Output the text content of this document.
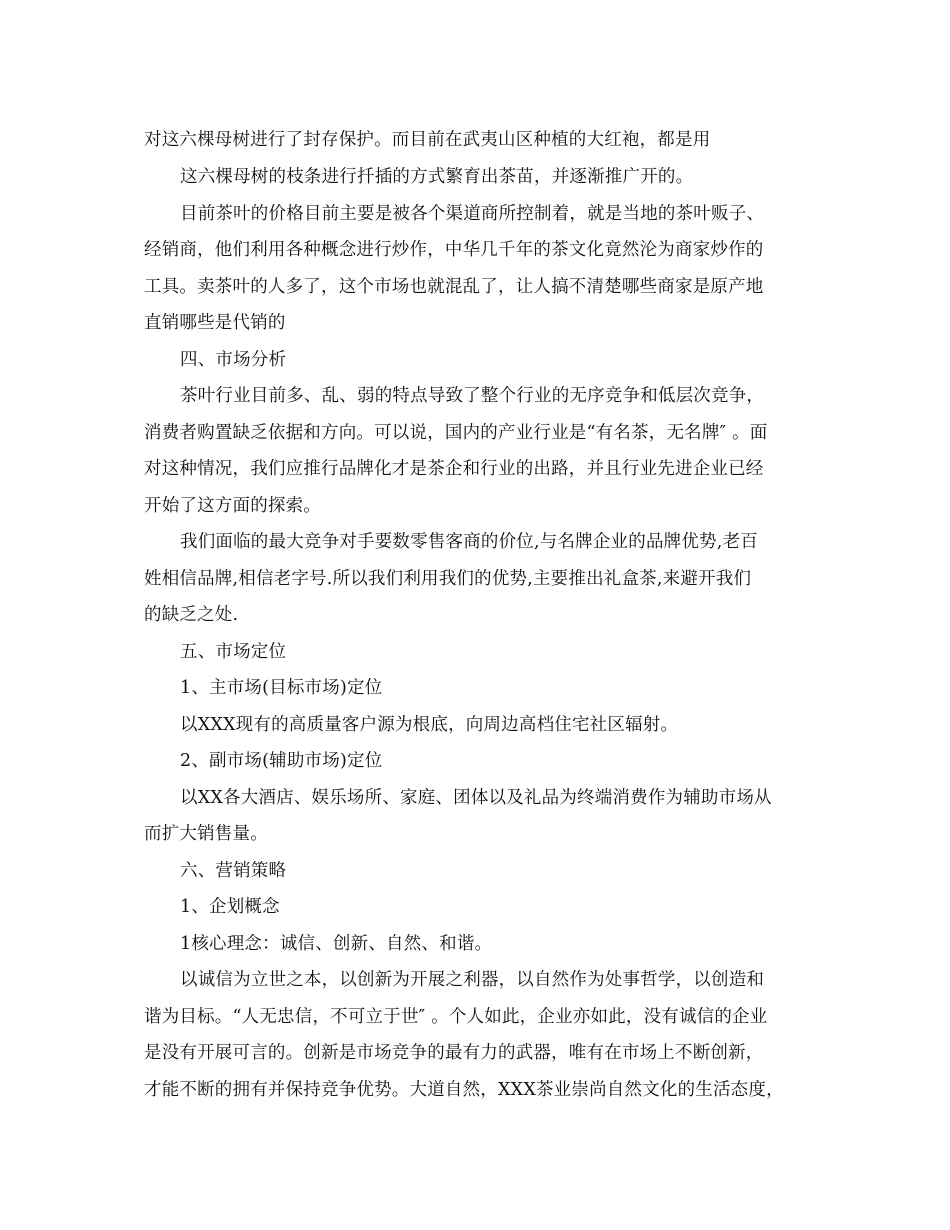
对这六棵母树进行了封存保护。而目前在武夷山区种植的大红袍，都是用
这六棵母树的枝条进行扦插的方式繁育出茶苗，并逐渐推广开的。
目前茶叶的价格目前主要是被各个渠道商所控制着，就是当地的茶叶贩子、
经销商，他们利用各种概念进行炒作，中华几千年的茶文化竟然沦为商家炒作的
工具。卖茶叶的人多了，这个市场也就混乱了，让人搞不清楚哪些商家是原产地
直销哪些是代销的
四、市场分析
茶叶行业目前多、乱、弱的特点导致了整个行业的无序竞争和低层次竞争，
消费者购置缺乏依据和方向。可以说，国内的产业行业是“有名茶，无名牌″ 。面
对这种情况，我们应推行品牌化才是茶企和行业的出路，并且行业先进企业已经
开始了这方面的探索。
我们面临的最大竞争对手要数零售客商的价位,与名牌企业的品牌优势,老百
姓相信品牌,相信老字号.所以我们利用我们的优势,主要推出礼盒茶,来避开我们
的缺乏之处.
五、市场定位
1、主市场(目标市场)定位
以XXX现有的高质量客户源为根底，向周边高档住宅社区辐射。
2、副市场(辅助市场)定位
以XX各大酒店、娱乐场所、家庭、团体以及礼品为终端消费作为辅助市场从
而扩大销售量。
六、营销策略
1、企划概念
1核心理念：诚信、创新、自然、和谐。
以诚信为立世之本，以创新为开展之利器，以自然作为处事哲学，以创造和
谐为目标。“人无忠信，不可立于世″ 。个人如此，企业亦如此，没有诚信的企业
是没有开展可言的。创新是市场竞争的最有力的武器，唯有在市场上不断创新，
才能不断的拥有并保持竞争优势。大道自然，XXX茶业崇尚自然文化的生活态度，
